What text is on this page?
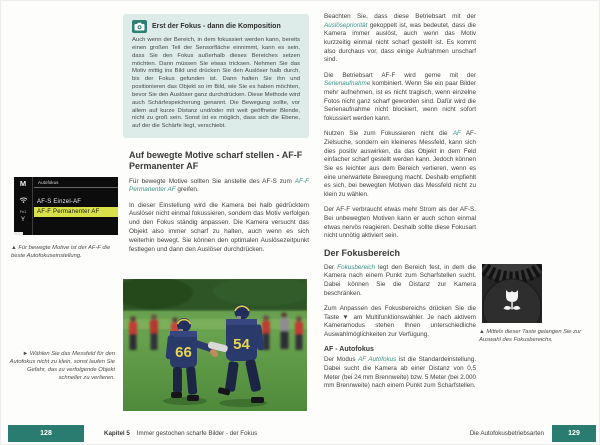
Erst der Fokus - dann die Komposition
Auch wenn der Bereich, in dem fokussiert werden kann, bereits einen großen Teil der Sensorfläche einnimmt, kann es sein, dass Sie den Fokus außerhalb dieses Bereiches setzen möchten. Dann müssen Sie etwas tricksen. Nehmen Sie das Motiv mittig ins Bild und drücken Sie den Auslöser halb durch, bis der Fokus gefunden ist. Dann halten Sie ihn und positionieren das Objekt so im Bild, wie Sie es haben möchten, bevor Sie den Auslöser ganz durchdrücken. Diese Methode wird auch Schärfespeicherung genannt. Die Bewegung sollte, vor allem auf kurze Distanz und/oder mit weit geöffneter Blende, nicht zu groß sein. Sonst ist es möglich, dass sich die Ebene, auf der die Schärfe liegt, verschiebt.
Auf bewegte Motive scharf stellen - AF-F Permanenter AF

Für bewegte Motive sollten Sie anstelle des AF-S zum AF-F Permanenter AF greifen.

In dieser Einstellung wird die Kamera bei halb gedrücktem Auslöser nicht einmal fokussieren, sondern das Motiv verfolgen und den Fokus ständig anpassen. Die Kamera versucht das Objekt also immer scharf zu halten, auch wenn es sich weiterhin bewegt. Sie können den optimalen Auslösezeitpunkt festlegen und dann den Auslöser durchdrücken.

M
Fn1
Y
Autofokus
AF-S Einzel-AF
AF-F Permanenter AF
▲ Für bewegte Motive ist der AF-F die beste Autofokuseinstellung.
66	54
► Wählen Sie das Messfeld für den Autofokus nicht zu klein, sonst laufen Sie Gefahr, das zu verfolgende Objekt schneller zu verlieren.

Beachten Sie, dass diese Betriebsart mit der Auslösepriorität gekoppelt ist, was bedeutet, dass die Kamera immer auslöst, auch wenn das Motiv kurzzeitig einmal nicht scharf gestellt ist. Es kommt also durchaus vor, dass einige Aufnahmen unscharf sind.

Die Betriebsart AF-F wird gerne mit der Serienaufnahme kombiniert. Wenn Sie ein paar Bilder mehr aufnehmen, ist es nicht tragisch, wenn einzelne Fotos nicht ganz scharf geworden sind. Dafür wird die Serienaufnahme nicht blockiert, wenn nicht sofort fokussiert werden kann.

Nutzen Sie zum Fokussieren nicht die AF AF-Zielsuche, sondern ein kleineres Messfeld, kann sich dies positiv auswirken, da das Objekt in dem Feld einfacher scharf gestellt werden kann. Jedoch können Sie es leichter aus dem Bereich verlieren, wenn es eine unerwartete Bewegung macht. Deshalb empfiehlt es sich, bei bewegten Motiven das Messfeld nicht zu klein zu wählen.

Der AF-F verbraucht etwas mehr Strom als der AF-S. Bei unbewegten Motiven kann er auch schon einmal etwas nervös reagieren. Deshalb sollte diese Fokusart nicht unnötig aktiviert sein.

Der Fokusbereich

Der Fokusbereich legt den Bereich fest, in dem die Kamera nach einem Punkt zum Scharfstellen sucht. Dabei können Sie die Distanz zur Kamera beschränken.

Zum Anpassen des Fokusbereichs drücken Sie die Taste ▼ am Multifunktionswähler. Je nach aktivem Kameramodus stehen Ihnen unterschiedliche Auswahlmöglichkeiten zur Verfügung.

AF - Autofokus

Der Modus AF Autofokus ist die Standardeinstellung. Dabei sucht die Kamera ab einer Distanz von 0,5 Meter (bei 24 mm Brennweite) bzw. 5 Meter (bei 2.000 mm Brennweite) nach einem Punkt zum Scharfstellen.

▲ Mittels dieser Taste gelangen Sie zur Auswahl des Fokusbereichs.
128	Kapitel 5 Immer gestochen scharfe Bilder - der Fokus	Die Autofokusbetriebsarten	129
